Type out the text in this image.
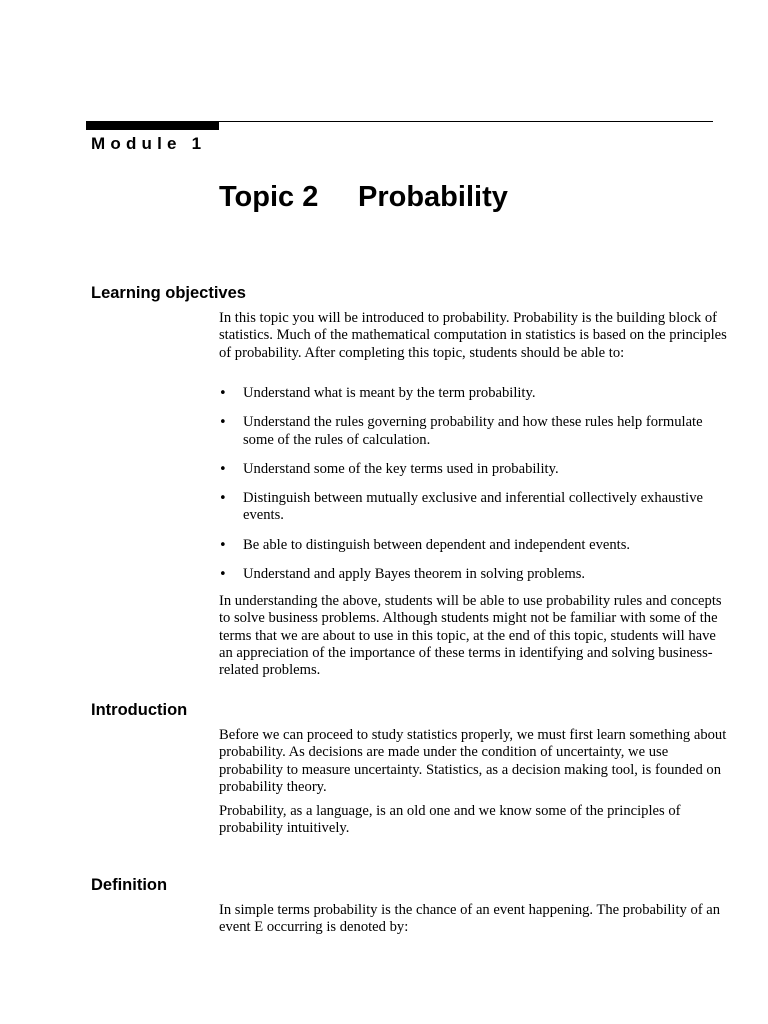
Module 1
Topic 2 Probability
Learning objectives

In this topic you will be introduced to probability. Probability is the building block of statistics. Much of the mathematical computation in statistics is based on the principles of probability. After completing this topic, students should be able to:

• Understand what is meant by the term probability.
• Understand the rules governing probability and how these rules help formulate some of the rules of calculation.
• Understand some of the key terms used in probability.
• Distinguish between mutually exclusive and inferential collectively exhaustive events.
• Be able to distinguish between dependent and independent events.
• Understand and apply Bayes theorem in solving problems.

In understanding the above, students will be able to use probability rules and concepts to solve business problems. Although students might not be familiar with some of the terms that we are about to use in this topic, at the end of this topic, students will have an appreciation of the importance of these terms in identifying and solving business-related problems.

Introduction

Before we can proceed to study statistics properly, we must first learn something about probability. As decisions are made under the condition of uncertainty, we use probability to measure uncertainty. Statistics, as a decision making tool, is founded on probability theory.

Probability, as a language, is an old one and we know some of the principles of probability intuitively.

Definition

In simple terms probability is the chance of an event happening. The probability of an event E occurring is denoted by:
